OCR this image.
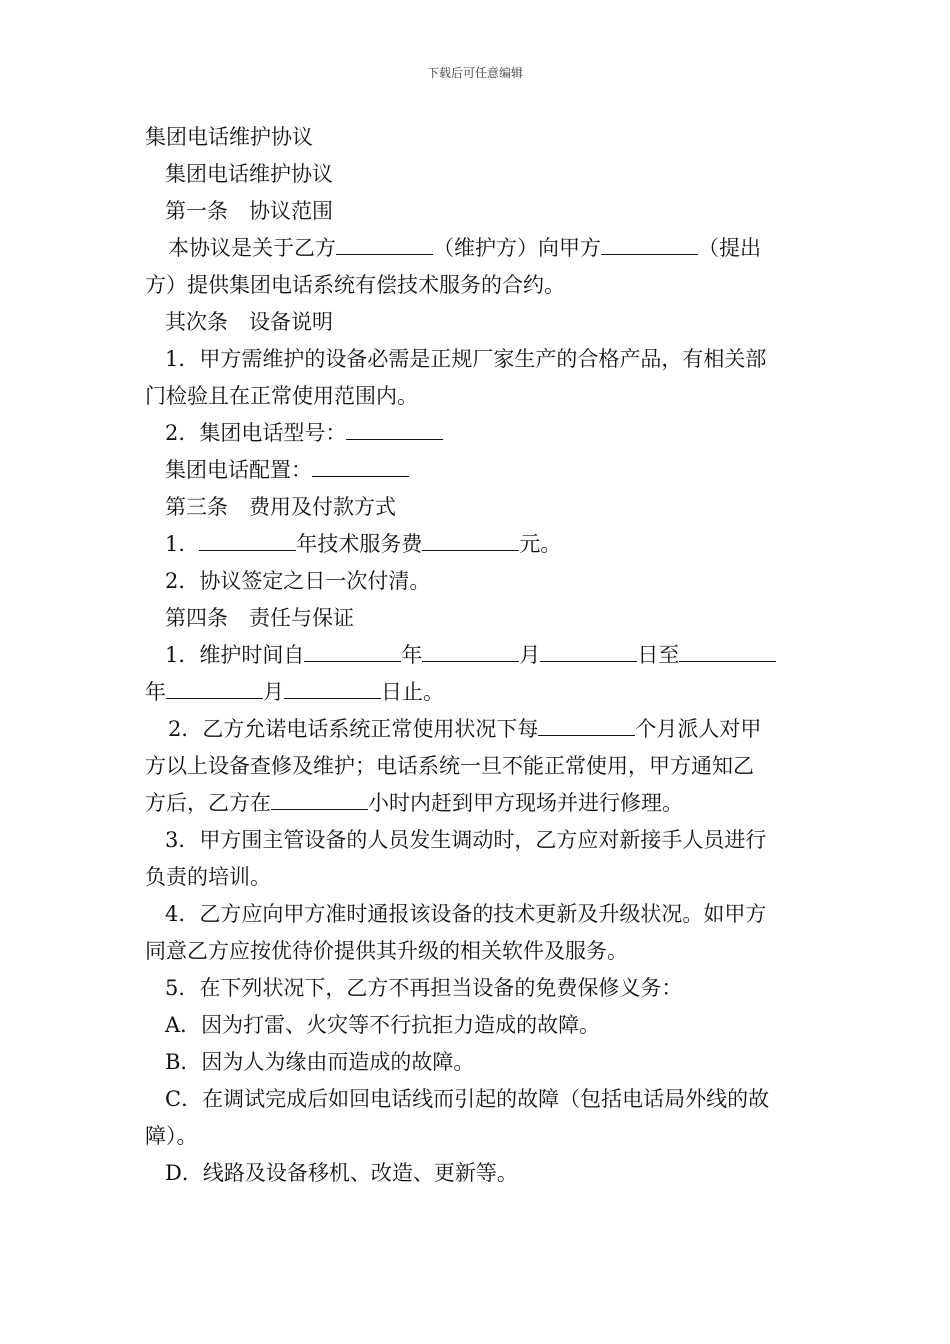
下载后可任意编辑
集团电话维护协议
集团电话维护协议
第一条　协议范围
本协议是关于乙方	（维护方）向甲方	（提出
方）提供集团电话系统有偿技术服务的合约。
其次条　设备说明
1．甲方需维护的设备必需是正规厂家生产的合格产品，有相关部
门检验且在正常使用范围内。
2．集团电话型号：
集团电话配置：
第三条　费用及付款方式
1．	年技术服务费	元。
2．协议签定之日一次付清。
第四条　责任与保证
1．维护时间自	年	月	日至
年	月	日止。
2．乙方允诺电话系统正常使用状况下每	个月派人对甲
方以上设备查修及维护；电话系统一旦不能正常使用，甲方通知乙
方后，乙方在	小时内赶到甲方现场并进行修理。
3．甲方围主管设备的人员发生调动时，乙方应对新接手人员进行
负责的培训。
4．乙方应向甲方准时通报该设备的技术更新及升级状况。如甲方
同意乙方应按优待价提供其升级的相关软件及服务。
5．在下列状况下，乙方不再担当设备的免费保修义务：
A．因为打雷、火灾等不行抗拒力造成的故障。
B．因为人为缘由而造成的故障。
C．在调试完成后如回电话线而引起的故障（包括电话局外线的故
障）。
D．线路及设备移机、改造、更新等。
